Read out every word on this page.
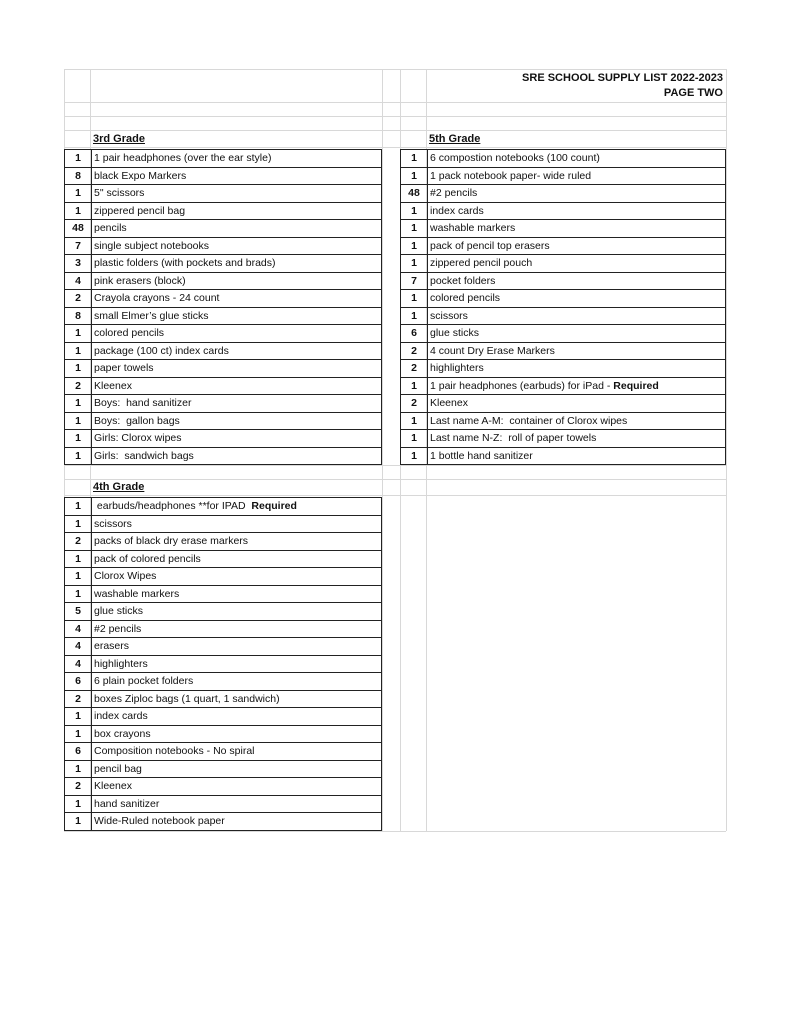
SRE SCHOOL SUPPLY LIST 2022-2023
PAGE TWO
3rd Grade
1	1 pair headphones (over the ear style)
8	black Expo Markers
1	5" scissors
1	zippered pencil bag
48 pencils
7	single subject notebooks
3	plastic folders (with pockets and brads)
4	pink erasers (block)
2	Crayola crayons - 24 count
8	small Elmer’s glue sticks
1	colored pencils
1	package (100 ct) index cards
1	paper towels
2	Kleenex
1	Boys:  hand sanitizer
1	Boys:  gallon bags
1	Girls: Clorox wipes
1	Girls:  sandwich bags
5th Grade
1	6 compostion notebooks (100 count)
1	1 pack notebook paper- wide ruled
48 #2 pencils
1	index cards
1	washable markers
1	pack of pencil top erasers
1	zippered pencil pouch
7	pocket folders
1	colored pencils
1	scissors
6	glue sticks
2	4 count Dry Erase Markers
2	highlighters
1	1 pair headphones (earbuds) for iPad - Required
2	Kleenex
1	Last name A-M:  container of Clorox wipes
1	Last name N-Z:  roll of paper towels
1	1 bottle hand sanitizer
4th Grade
1	earbuds/headphones **for IPAD  Required
1	scissors
2	packs of black dry erase markers
1	pack of colored pencils
1	Clorox Wipes
1	washable markers
5	glue sticks
4	#2 pencils
4	erasers
4	highlighters
6	6 plain pocket folders
2	boxes Ziploc bags (1 quart, 1 sandwich)
1	index cards
1	box crayons
6	Composition notebooks - No spiral
1	pencil bag
2	Kleenex
1	hand sanitizer
1	Wide-Ruled notebook paper
